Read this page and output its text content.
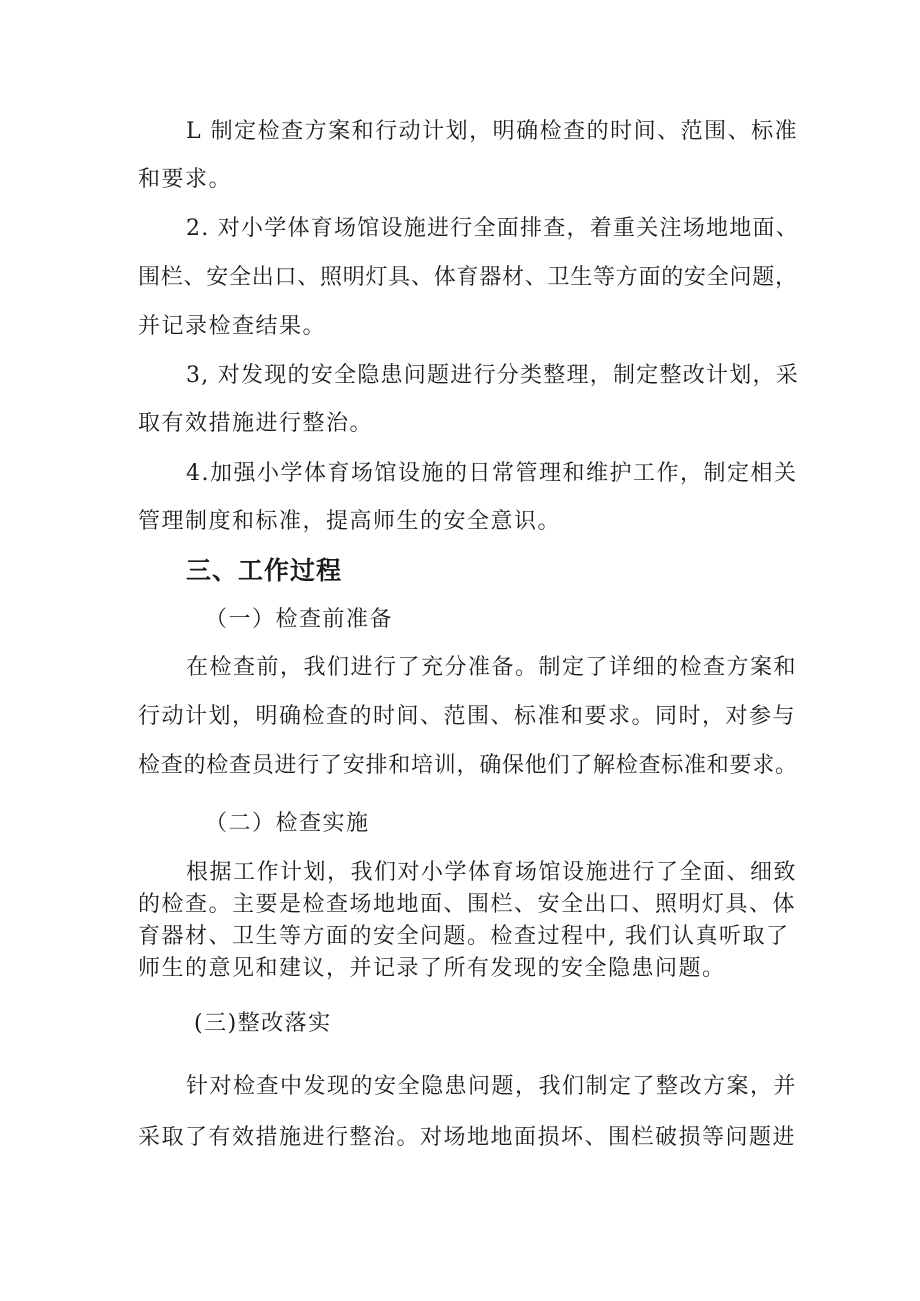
L 制定检查方案和行动计划，明确检查的时间、范围、标准
和要求。
2. 对小学体育场馆设施进行全面排查，着重关注场地地面、
围栏、安全出口、照明灯具、体育器材、卫生等方面的安全问题，
并记录检查结果。
3, 对发现的安全隐患问题进行分类整理，制定整改计划，采
取有效措施进行整治。
4.加强小学体育场馆设施的日常管理和维护工作，制定相关
管理制度和标准，提高师生的安全意识。
三、工作过程
（一）检查前准备
在检查前，我们进行了充分准备。制定了详细的检查方案和
行动计划，明确检查的时间、范围、标准和要求。同时，对参与
检查的检查员进行了安排和培训，确保他们了解检查标准和要求。
（二）检查实施
根据工作计划，我们对小学体育场馆设施进行了全面、细致
的检查。主要是检查场地地面、围栏、安全出口、照明灯具、体
育器材、卫生等方面的安全问题。检查过程中, 我们认真听取了
师生的意见和建议，并记录了所有发现的安全隐患问题。
(三)整改落实
针对检查中发现的安全隐患问题，我们制定了整改方案，并
采取了有效措施进行整治。对场地地面损坏、围栏破损等问题进
